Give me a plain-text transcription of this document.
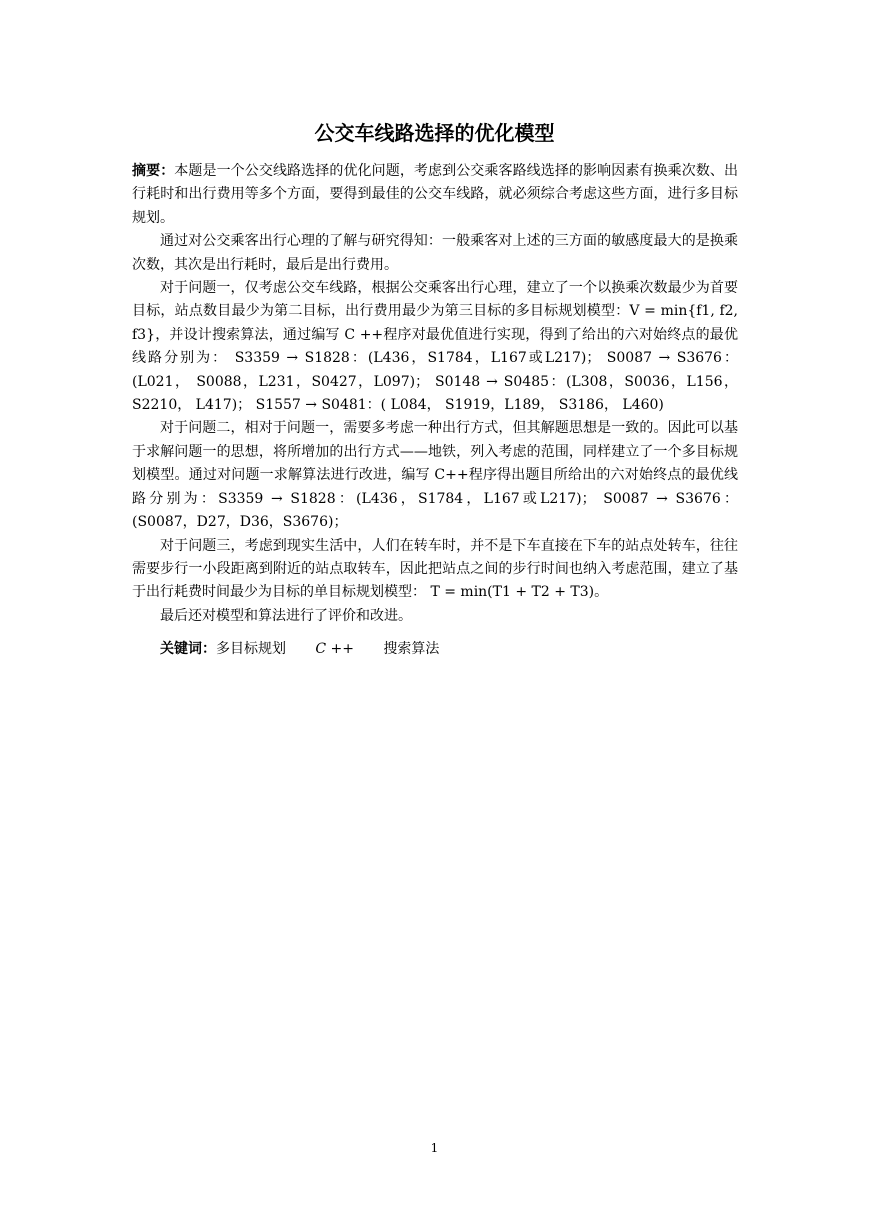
公交车线路选择的优化模型

摘要：本题是一个公交线路选择的优化问题，考虑到公交乘客路线选择的影响因素有换乘次数、出行耗时和出行费用等多个方面，要得到最佳的公交车线路，就必须综合考虑这些方面，进行多目标规划。

通过对公交乘客出行心理的了解与研究得知：一般乘客对上述的三方面的敏感度最大的是换乘次数，其次是出行耗时，最后是出行费用。

对于问题一，仅考虑公交车线路，根据公交乘客出行心理，建立了一个以换乘次数最少为首要目标，站点数目最少为第二目标，出行费用最少为第三目标的多目标规划模型：V = min{f1, f2, f3}，并设计搜索算法，通过编写 C ++程序对最优值进行实现，得到了给出的六对始终点的最优线路分别为： S3359 → S1828：(L436，S1784，L167或L217)； S0087 → S3676：(L021， S0088，L231，S0427，L097)； S0148 → S0485：(L308，S0036，L156，S2210， L417)； S1557 → S0481：( L084， S1919，L189， S3186， L460)

对于问题二，相对于问题一，需要多考虑一种出行方式，但其解题思想是一致的。因此可以基于求解问题一的思想，将所增加的出行方式——地铁，列入考虑的范围，同样建立了一个多目标规划模型。通过对问题一求解算法进行改进，编写 C++程序得出题目所给出的六对始终点的最优线路分别为：S3359 → S1828：(L436，S1784，L167或L217)； S0087 → S3676：(S0087，D27，D36，S3676)；

对于问题三，考虑到现实生活中，人们在转车时，并不是下车直接在下车的站点处转车，往往需要步行一小段距离到附近的站点取转车，因此把站点之间的步行时间也纳入考虑范围，建立了基于出行耗费时间最少为目标的单目标规划模型： T = min(T1 + T2 + T3)。

最后还对模型和算法进行了评价和改进。

关键词：多目标规划 C ++ 搜索算法

1
